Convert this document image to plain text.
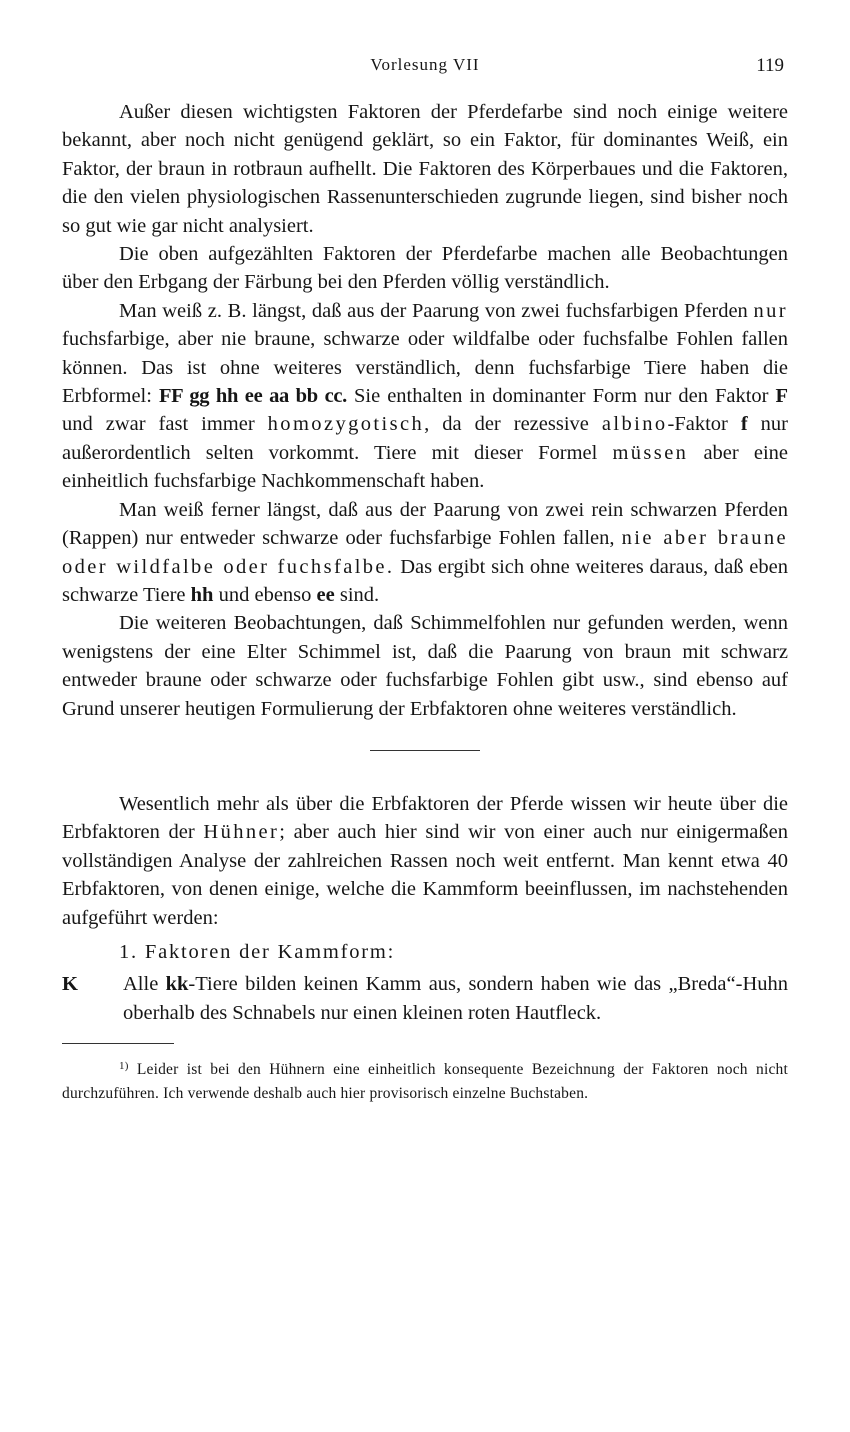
Vorlesung VII	119

Außer diesen wichtigsten Faktoren der Pferdefarbe sind noch einige weitere bekannt, aber noch nicht genügend geklärt, so ein Faktor, für dominantes Weiß, ein Faktor, der braun in rotbraun aufhellt. Die Faktoren des Körperbaues und die Faktoren, die den vielen physiologischen Rassenunterschieden zugrunde liegen, sind bisher noch so gut wie gar nicht analysiert.

Die oben aufgezählten Faktoren der Pferdefarbe machen alle Beobachtungen über den Erbgang der Färbung bei den Pferden völlig verständlich.

Man weiß z. B. längst, daß aus der Paarung von zwei fuchsfarbigen Pferden nur fuchsfarbige, aber nie braune, schwarze oder wildfalbe oder fuchsfalbe Fohlen fallen können. Das ist ohne weiteres verständlich, denn fuchsfarbige Tiere haben die Erbformel: FF gg hh ee aa bb cc. Sie enthalten in dominanter Form nur den Faktor F und zwar fast immer homozygotisch, da der rezessive albino-Faktor f nur außerordentlich selten vorkommt. Tiere mit dieser Formel müssen aber eine einheitlich fuchsfarbige Nachkommenschaft haben.

Man weiß ferner längst, daß aus der Paarung von zwei rein schwarzen Pferden (Rappen) nur entweder schwarze oder fuchsfarbige Fohlen fallen, nie aber braune oder wildfalbe oder fuchsfalbe. Das ergibt sich ohne weiteres daraus, daß eben schwarze Tiere hh und ebenso ee sind.

Die weiteren Beobachtungen, daß Schimmelfohlen nur gefunden werden, wenn wenigstens der eine Elter Schimmel ist, daß die Paarung von braun mit schwarz entweder braune oder schwarze oder fuchsfarbige Fohlen gibt usw., sind ebenso auf Grund unserer heutigen Formulierung der Erbfaktoren ohne weiteres verständlich.

Wesentlich mehr als über die Erbfaktoren der Pferde wissen wir heute über die Erbfaktoren der Hühner; aber auch hier sind wir von einer auch nur einigermaßen vollständigen Analyse der zahlreichen Rassen noch weit entfernt. Man kennt etwa 40 Erbfaktoren, von denen einige, welche die Kammform beeinflussen, im nachstehenden aufgeführt werden:

1. Faktoren der Kammform:

K Alle kk-Tiere bilden keinen Kamm aus, sondern haben wie das „Breda“-Huhn oberhalb des Schnabels nur einen kleinen roten Hautfleck.

$^{1)}$ Leider ist bei den Hühnern eine einheitlich konsequente Bezeichnung der Faktoren noch nicht durchzuführen. Ich verwende deshalb auch hier provisorisch einzelne Buchstaben.
